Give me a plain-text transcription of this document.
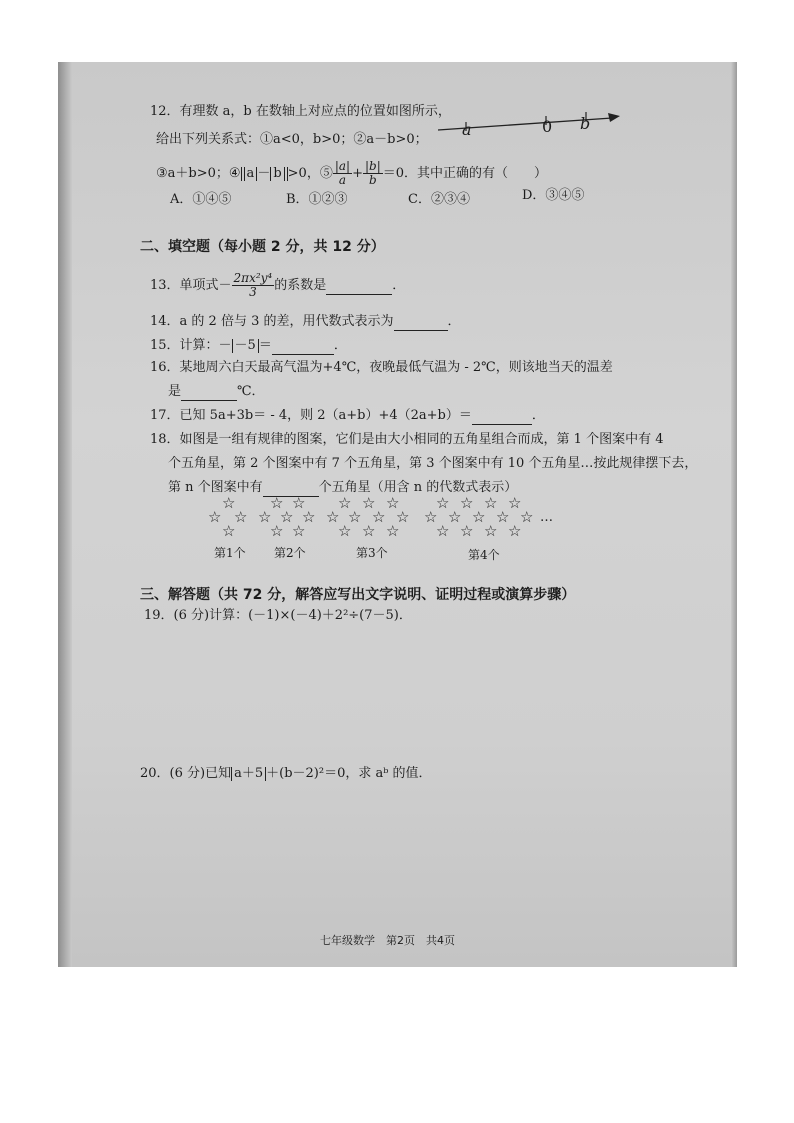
12．有理数 a，b 在数轴上对应点的位置如图所示，
给出下列关系式：①a<0，b>0；②a－b>0；
③a＋b>0；④ a － b >0，⑤ $\frac{|a|}{a} + \frac{|b|}{b} =0$．其中正确的有（　　）
A．①④⑤	B．①②③	C．②③④	D．③④⑤
a	0 b
二、填空题（每小题 2 分，共 12 分）
13．单项式－ $\frac{\text{2πx²y⁴}}{3}$ 的系数是	．
14．a 的 2 倍与 3 的差，用代数式表示为	．
15．计算：－ －5 ＝	．
16．某地周六白天最高气温为+4℃，夜晚最低气温为 - 2℃，则该地当天的温差
是	℃．
17．已知 5a+3b＝ - 4，则 2（a+b）+4（2a+b）＝	．
18．如图是一组有规律的图案，它们是由大小相同的五角星组合而成，第 1 个图案中有 4
个五角星，第 2 个图案中有 7 个五角星，第 3 个图案中有 10 个五角星…按此规律摆下去，
第 n 个图案中有	个五角星（用含 n 的代数式表示）
☆
☆ ☆
☆
☆
☆ ☆ ☆
☆ ☆
☆ ☆ ☆ ☆
☆ ☆ ☆ ☆
☆ ☆ ☆
☆ ☆ ☆ ☆
☆ ☆ ☆ ☆ ☆
☆ ☆ ☆ ☆
…
第1个 第2个	第3个	第4个
三、解答题（共 72 分，解答应写出文字说明、证明过程或演算步骤）
19．(6 分)计算：(－1)×(－4)＋2²÷(7－5)．
20．(6 分)已知 a＋5 ＋(b－2)²＝0，求 aᵇ 的值．
七年级数学　第2页　共4页
